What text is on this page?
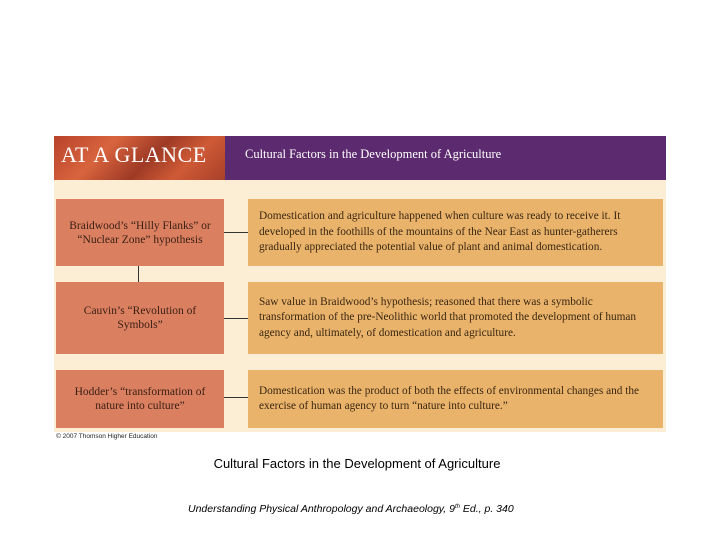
AT A GLANCE	Cultural Factors in the Development of Agriculture
Braidwood’s “Hilly Flanks” or “Nuclear Zone” hypothesis
Domestication and agriculture happened when culture was ready to receive it. It developed in the foothills of the mountains of the Near East as hunter-gatherers gradually appreciated the potential value of plant and animal domestication.
Cauvin’s “Revolution of Symbols”
Saw value in Braidwood’s hypothesis; reasoned that there was a symbolic transformation of the pre-Neolithic world that promoted the development of human agency and, ultimately, of domestication and agriculture.
Hodder’s “transformation of nature into culture”
Domestication was the product of both the effects of environmental changes and the exercise of human agency to turn “nature into culture.”
© 2007 Thomson Higher Education
Cultural Factors in the Development of Agriculture
Understanding Physical Anthropology and Archaeology, 9th Ed., p. 340
